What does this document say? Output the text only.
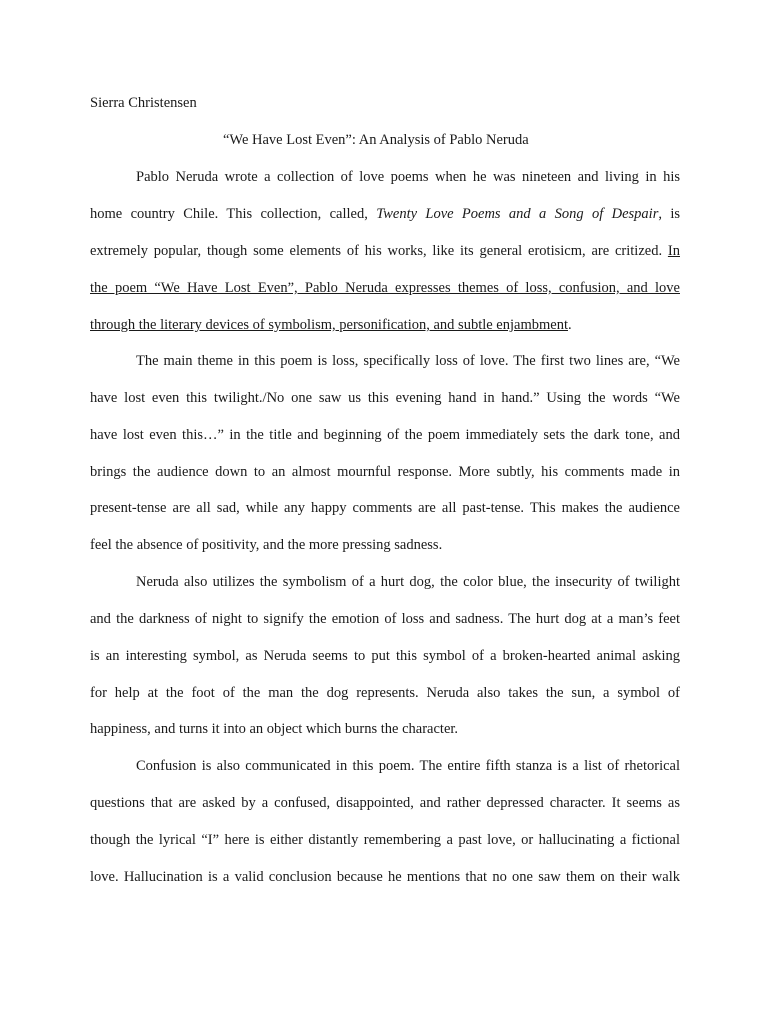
Sierra Christensen
“We Have Lost Even”: An Analysis of Pablo Neruda
Pablo Neruda wrote a collection of love poems when he was nineteen and living in his
home country Chile. This collection, called, Twenty Love Poems and a Song of Despair, is
extremely popular, though some elements of his works, like its general erotisicm, are critized. In
the poem “We Have Lost Even”, Pablo Neruda expresses themes of loss, confusion, and love
through the literary devices of symbolism, personification, and subtle enjambment.
The main theme in this poem is loss, specifically loss of love. The first two lines are, “We
have lost even this twilight./No one saw us this evening hand in hand.” Using the words “We
have lost even this…” in the title and beginning of the poem immediately sets the dark tone, and
brings the audience down to an almost mournful response. More subtly, his comments made in
present-tense are all sad, while any happy comments are all past-tense. This makes the audience
feel the absence of positivity, and the more pressing sadness.
Neruda also utilizes the symbolism of a hurt dog, the color blue, the insecurity of twilight
and the darkness of night to signify the emotion of loss and sadness. The hurt dog at a man’s feet
is an interesting symbol, as Neruda seems to put this symbol of a broken-hearted animal asking
for help at the foot of the man the dog represents. Neruda also takes the sun, a symbol of
happiness, and turns it into an object which burns the character.
Confusion is also communicated in this poem. The entire fifth stanza is a list of rhetorical
questions that are asked by a confused, disappointed, and rather depressed character. It seems as
though the lyrical “I” here is either distantly remembering a past love, or hallucinating a fictional
love. Hallucination is a valid conclusion because he mentions that no one saw them on their walk
